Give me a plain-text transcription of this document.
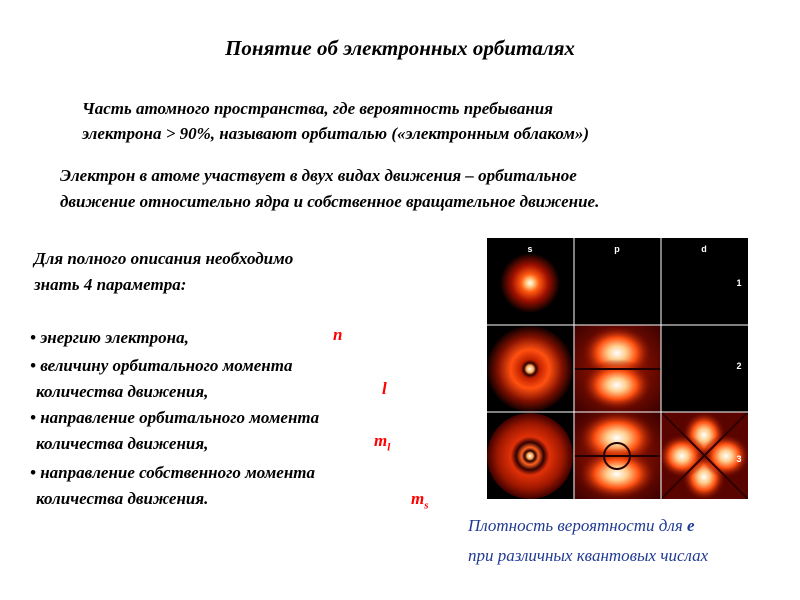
Понятие об электронных орбиталях
Часть атомного пространства, где вероятность пребывания
электрона > 90%, называют орбиталью («электронным облаком»)
Электрон в атоме участвует в двух видах движения – орбитальное
движение относительно ядра и собственное вращательное движение.
Для полного описания необходимо
знать 4 параметра:
• энергию электрона,	n
• величину орбитального момента
количества движения,	l
• направление орбитального момента
количества движения,	$m_l$
• направление собственного момента
количества движения.	$m_s$
s	p	d
1
2
3
Плотность вероятности для e
при различных квантовых числах
